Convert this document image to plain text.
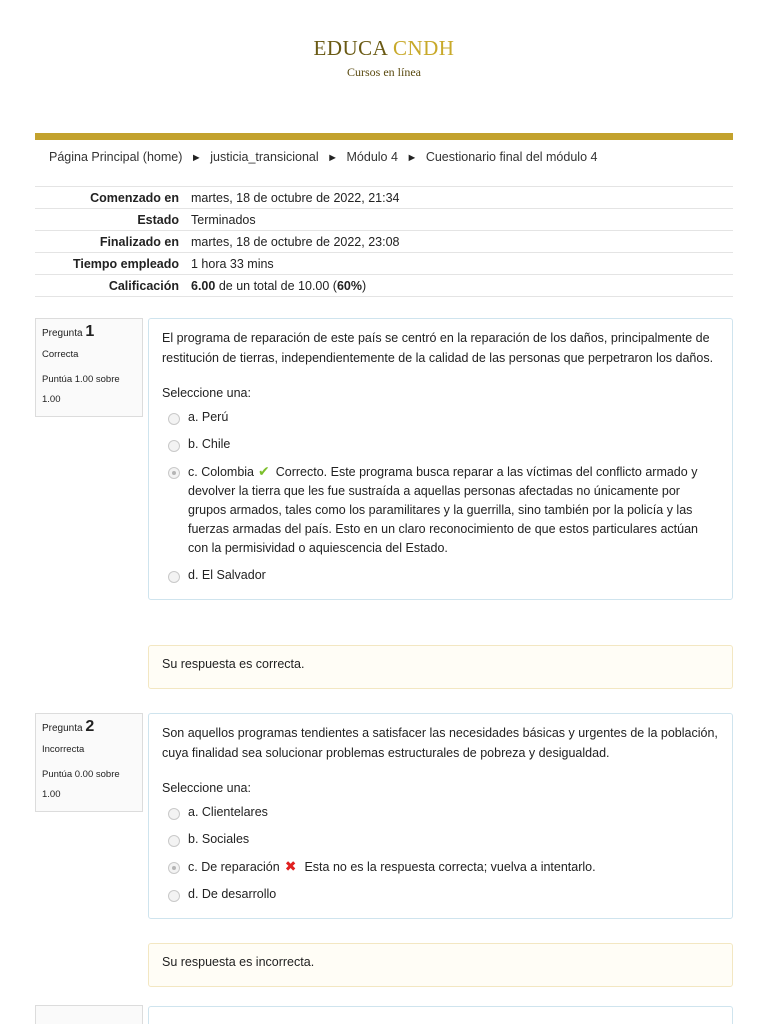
EDUCA CNDH
Cursos en línea
Página Principal (home) ► justicia_transicional ► Módulo 4 ► Cuestionario final del módulo 4
Comenzado en	martes, 18 de octubre de 2022, 21:34
Estado	Terminados
Finalizado en	martes, 18 de octubre de 2022, 23:08
Tiempo empleado	1 hora 33 mins
Calificación	6.00 de un total de 10.00 (60%)
Pregunta 1
Correcta
Puntúa 1.00 sobre 1.00
El programa de reparación de este país se centró en la reparación de los daños, principalmente de restitución de tierras, independientemente de la calidad de las personas que perpetraron los daños.
Seleccione una:
a. Perú
b. Chile
c. Colombia ✔ Correcto. Este programa busca reparar a las víctimas del conflicto armado y devolver la tierra que les fue sustraída a aquellas personas afectadas no únicamente por grupos armados, tales como los paramilitares y la guerrilla, sino también por la policía y las fuerzas armadas del país. Esto en un claro reconocimiento de que estos particulares actúan con la permisividad o aquiescencia del Estado.
d. El Salvador
Su respuesta es correcta.
Pregunta 2
Incorrecta
Puntúa 0.00 sobre 1.00
Son aquellos programas tendientes a satisfacer las necesidades básicas y urgentes de la población, cuya finalidad sea solucionar problemas estructurales de pobreza y desigualdad.
Seleccione una:
a. Clientelares
b. Sociales
c. De reparación ✖ Esta no es la respuesta correcta; vuelva a intentarlo.
d. De desarrollo
Su respuesta es incorrecta.
